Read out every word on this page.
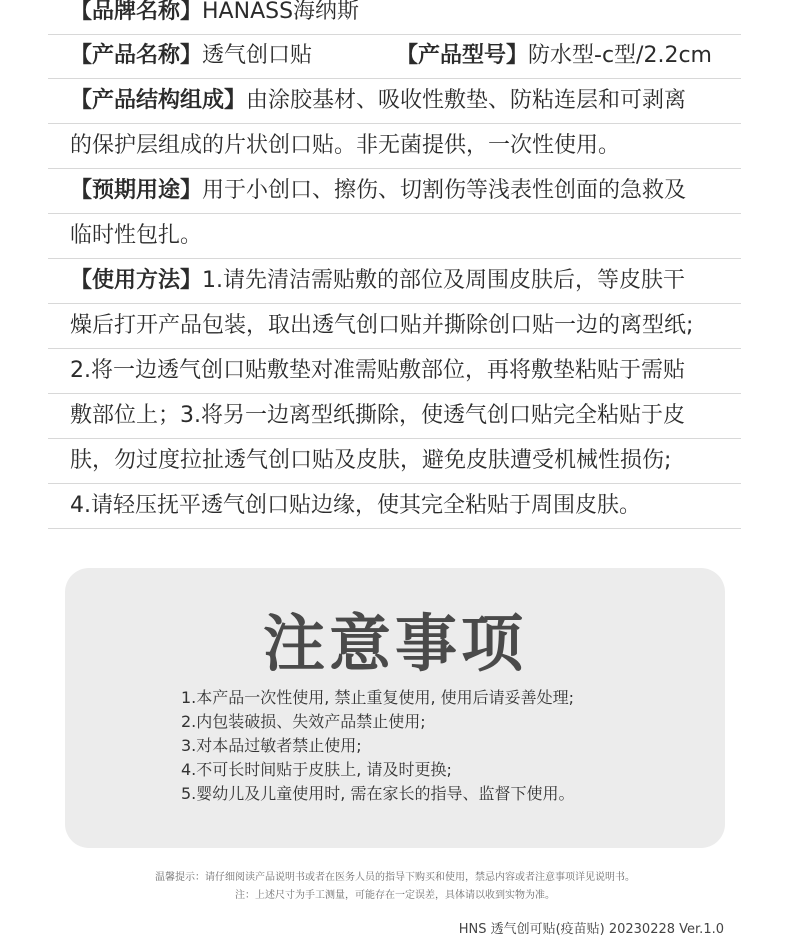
【品牌名称】HANASS海纳斯
【产品名称】透气创口贴	【产品型号】防水型-c型/2.2cm
【产品结构组成】由涂胶基材、吸收性敷垫、防粘连层和可剥离
的保护层组成的片状创口贴。非无菌提供，一次性使用。
【预期用途】用于小创口、擦伤、切割伤等浅表性创面的急救及
临时性包扎。
【使用方法】1.请先清洁需贴敷的部位及周围皮肤后，等皮肤干
燥后打开产品包装，取出透气创口贴并撕除创口贴一边的离型纸;
2.将一边透气创口贴敷垫对准需贴敷部位，再将敷垫粘贴于需贴
敷部位上；3.将另一边离型纸撕除，使透气创口贴完全粘贴于皮
肤，勿过度拉扯透气创口贴及皮肤，避免皮肤遭受机械性损伤;
4.请轻压抚平透气创口贴边缘，使其完全粘贴于周围皮肤。
注意事项
1.本产品一次性使用, 禁止重复使用, 使用后请妥善处理;
2.内包装破损、失效产品禁止使用;
3.对本品过敏者禁止使用;
4.不可长时间贴于皮肤上, 请及时更换;
5.婴幼儿及儿童使用时, 需在家长的指导、监督下使用。
温馨提示：请仔细阅读产品说明书或者在医务人员的指导下购买和使用，禁忌内容或者注意事项详见说明书。
注：上述尺寸为手工测量，可能存在一定误差，具体请以收到实物为准。
HNS 透气创可贴(疫苗贴) 20230228 Ver.1.0
